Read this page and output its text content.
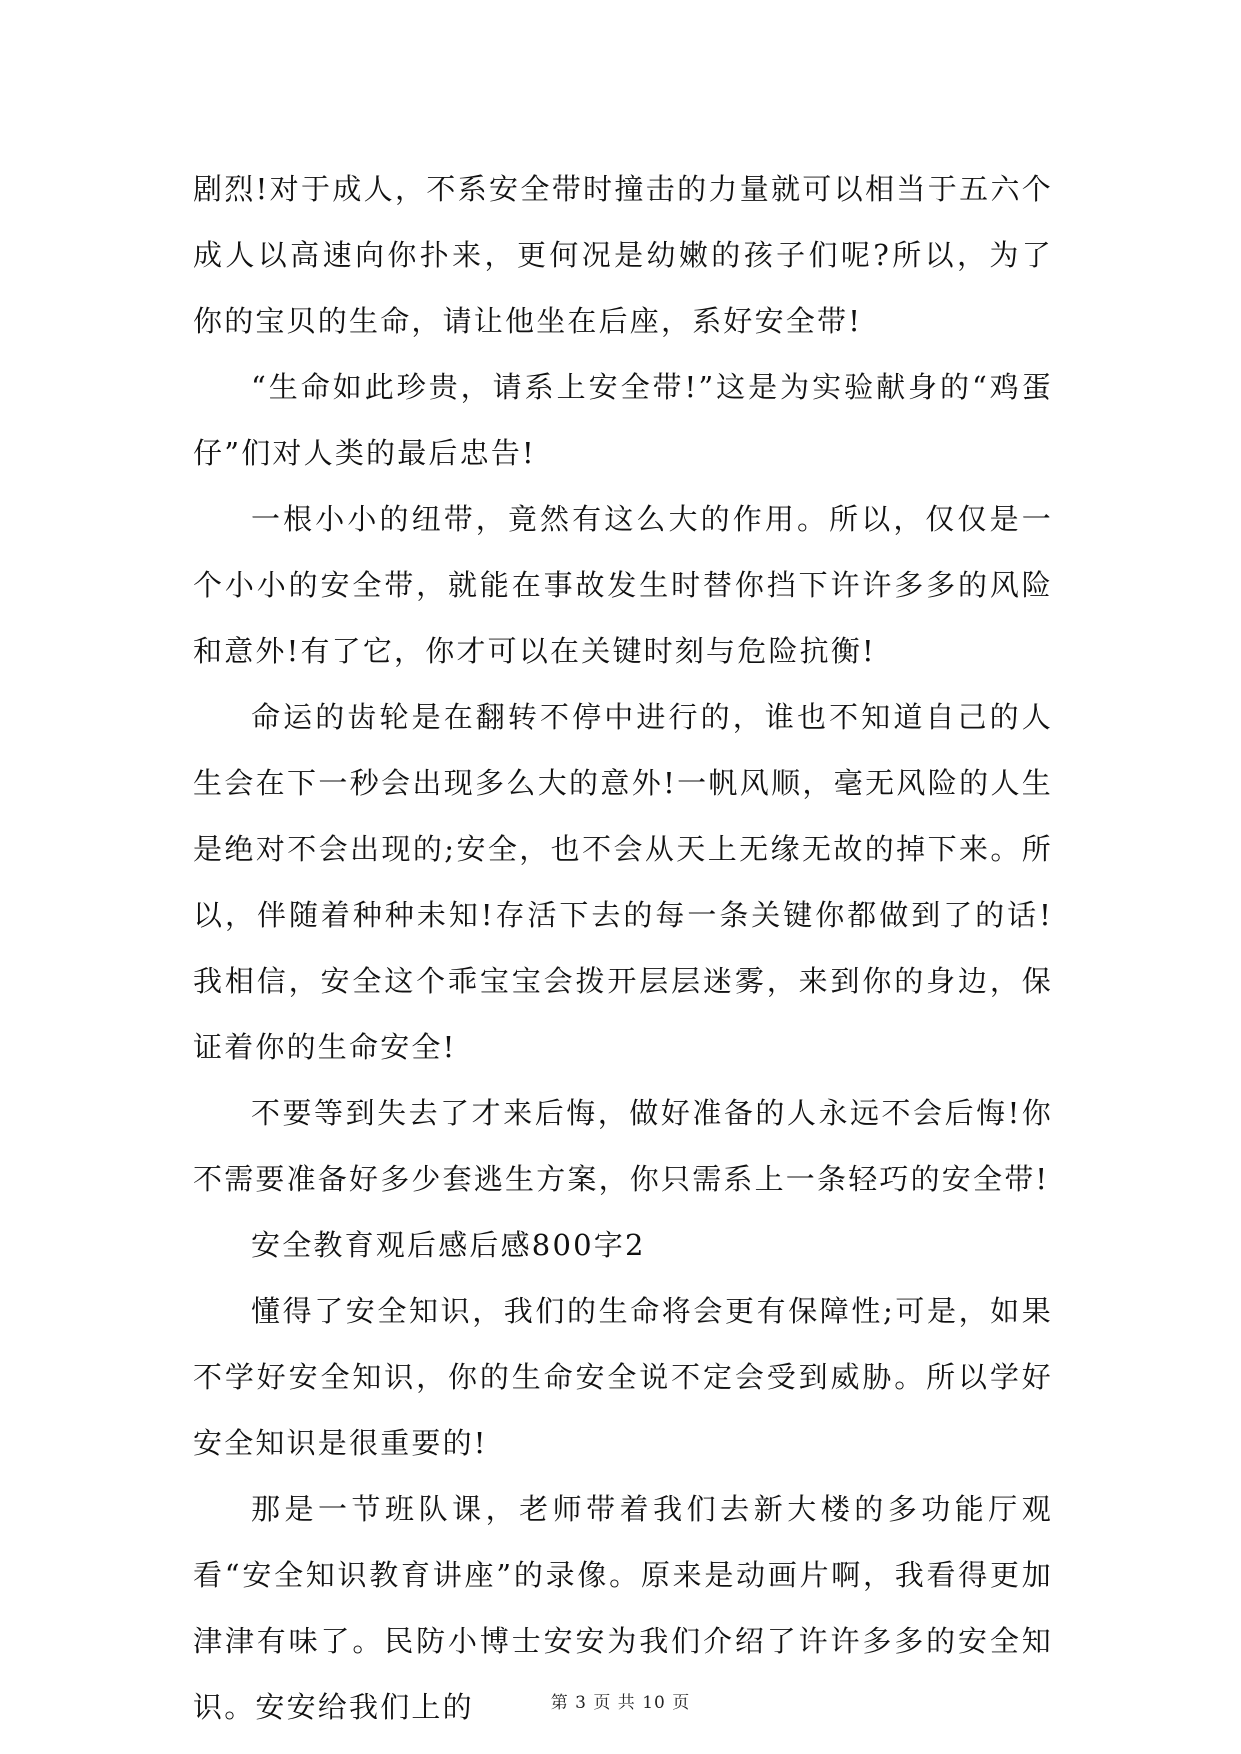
剧烈!对于成人，不系安全带时撞击的力量就可以相当于五六个成人以高速向你扑来，更何况是幼嫩的孩子们呢?所以，为了你的宝贝的生命，请让他坐在后座，系好安全带!

“生命如此珍贵，请系上安全带!”这是为实验献身的“鸡蛋仔”们对人类的最后忠告!

一根小小的纽带，竟然有这么大的作用。所以，仅仅是一个小小的安全带，就能在事故发生时替你挡下许许多多的风险和意外!有了它，你才可以在关键时刻与危险抗衡!

命运的齿轮是在翻转不停中进行的，谁也不知道自己的人生会在下一秒会出现多么大的意外!一帆风顺，毫无风险的人生是绝对不会出现的;安全，也不会从天上无缘无故的掉下来。所以，伴随着种种未知!存活下去的每一条关键你都做到了的话!我相信，安全这个乖宝宝会拨开层层迷雾，来到你的身边，保证着你的生命安全!

不要等到失去了才来后悔，做好准备的人永远不会后悔!你不需要准备好多少套逃生方案，你只需系上一条轻巧的安全带!

安全教育观后感后感800字2

懂得了安全知识，我们的生命将会更有保障性;可是，如果不学好安全知识，你的生命安全说不定会受到威胁。所以学好安全知识是很重要的!

那是一节班队课，老师带着我们去新大楼的多功能厅观看“安全知识教育讲座”的录像。原来是动画片啊，我看得更加津津有味了。民防小博士安安为我们介绍了许许多多的安全知识。安安给我们上的	第 3 页 共 10 页
